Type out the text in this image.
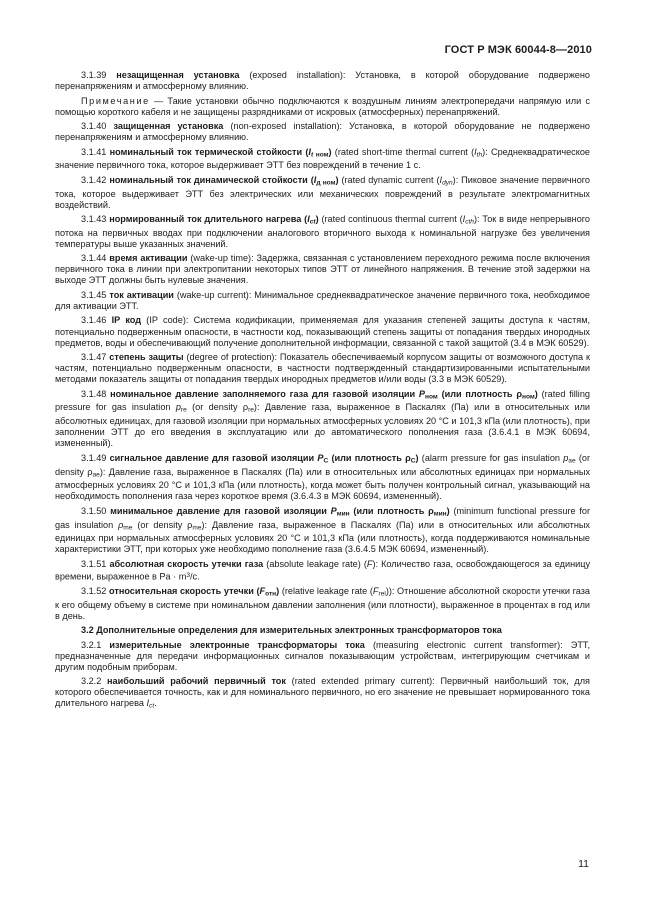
ГОСТ Р МЭК 60044-8—2010

3.1.39 незащищенная установка (exposed installation): Установка, в которой оборудование подвержено перенапряжениям и атмосферному влиянию.

Примечание — Такие установки обычно подключаются к воздушным линиям электропередачи напрямую или с помощью короткого кабеля и не защищены разрядниками от искровых (атмосферных) перенапряжений.

3.1.40 защищенная установка (non-exposed installation): Установка, в которой оборудование не подвержено перенапряжениям и атмосферному влиянию.

3.1.41 номинальный ток термической стойкости (It ном) (rated short-time thermal current (Ith): Среднеквадратическое значение первичного тока, которое выдерживает ЭТТ без повреждений в течение 1 с.

3.1.42 номинальный ток динамической стойкости (Iд ном) (rated dynamic current (Idyn): Пиковое значение первичного тока, которое выдерживает ЭТТ без электрических или механических повреждений в результате электромагнитных воздействий.

3.1.43 нормированный ток длительного нагрева (Ict) (rated continuous thermal current (Icth): Ток в виде непрерывного потока на первичных вводах при подключении аналогового вторичного выхода к номинальной нагрузке без увеличения температуры выше указанных значений.

3.1.44 время активации (wake-up time): Задержка, связанная с установлением переходного режима после включения первичного тока в линии при электропитании некоторых типов ЭТТ от линейного напряжения. В течение этой задержки на выходе ЭТТ должны быть нулевые значения.

3.1.45 ток активации (wake-up current): Минимальное среднеквадратическое значение первичного тока, необходимое для активации ЭТТ.

3.1.46 IP код (IP code): Система кодификации, применяемая для указания степеней защиты доступа к частям, потенциально подверженным опасности, в частности код, показывающий степень защиты от попадания твердых инородных предметов, воды и обеспечивающий получение дополнительной информации, связанной с такой защитой (3.4 в МЭК 60529).

3.1.47 степень защиты (degree of protection): Показатель обеспечиваемый корпусом защиты от возможного доступа к частям, потенциально подверженным опасности, в частности подтвержденный стандартизированными испытательными методами показатель защиты от попадания твердых инородных предметов и/или воды (3.3 в МЭК 60529).

3.1.48 номинальное давление заполняемого газа для газовой изоляции Pном (или плотность ρном) (rated filling pressure for gas insulation pre (or density ρre): Давление газа, выраженное в Паскалях (Па) или в относительных или абсолютных единицах, для газовой изоляции при нормальных атмосферных условиях 20 °С и 101,3 кПа (или плотность), при заполнении ЭТТ до его введения в эксплуатацию или до автоматического пополнения газа (3.6.4.1 в МЭК 60694, измененный).

3.1.49 сигнальное давление для газовой изоляции PC (или плотность ρC) (alarm pressure for gas insulation pae (or density ρae): Давление газа, выраженное в Паскалях (Па) или в относительных или абсолютных единицах при нормальных атмосферных условиях 20 °С и 101,3 кПа (или плотность), когда может быть получен контрольный сигнал, указывающий на необходимость пополнения газа через короткое время (3.6.4.3 в МЭК 60694, измененный).

3.1.50 минимальное давление для газовой изоляции Pмин (или плотность ρмин) (minimum functional pressure for gas insulation ρme (or density ρme): Давление газа, выраженное в Паскалях (Па) или в относительных или абсолютных единицах при нормальных атмосферных условиях 20 °С и 101,3 кПа (или плотность), когда поддерживаются номинальные характеристики ЭТТ, при которых уже необходимо пополнение газа (3.6.4.5 МЭК 60694, измененный).

3.1.51 абсолютная скорость утечки газа (absolute leakage rate) (F): Количество газа, освобождающегося за единицу времени, выраженное в $Pa \cdot m^3/с$.

3.1.52 относительная скорость утечки (Fотн) (relative leakage rate (Frel)): Отношение абсолютной скорости утечки газа к его общему объему в системе при номинальном давлении заполнения (или плотности), выраженное в процентах в год или в день.

3.2 Дополнительные определения для измерительных электронных трансформаторов тока

3.2.1 измерительные электронные трансформаторы тока (measuring electronic current transformer): ЭТТ, предназначенные для передачи информационных сигналов показывающим устройствам, интегрирующим счетчикам и другим подобным приборам.

3.2.2 наибольший рабочий первичный ток (rated extended primary current): Первичный наибольший ток, для которого обеспечивается точность, как и для номинального первичного, но его значение не превышает нормированного тока длительного нагрева Ict.

11
